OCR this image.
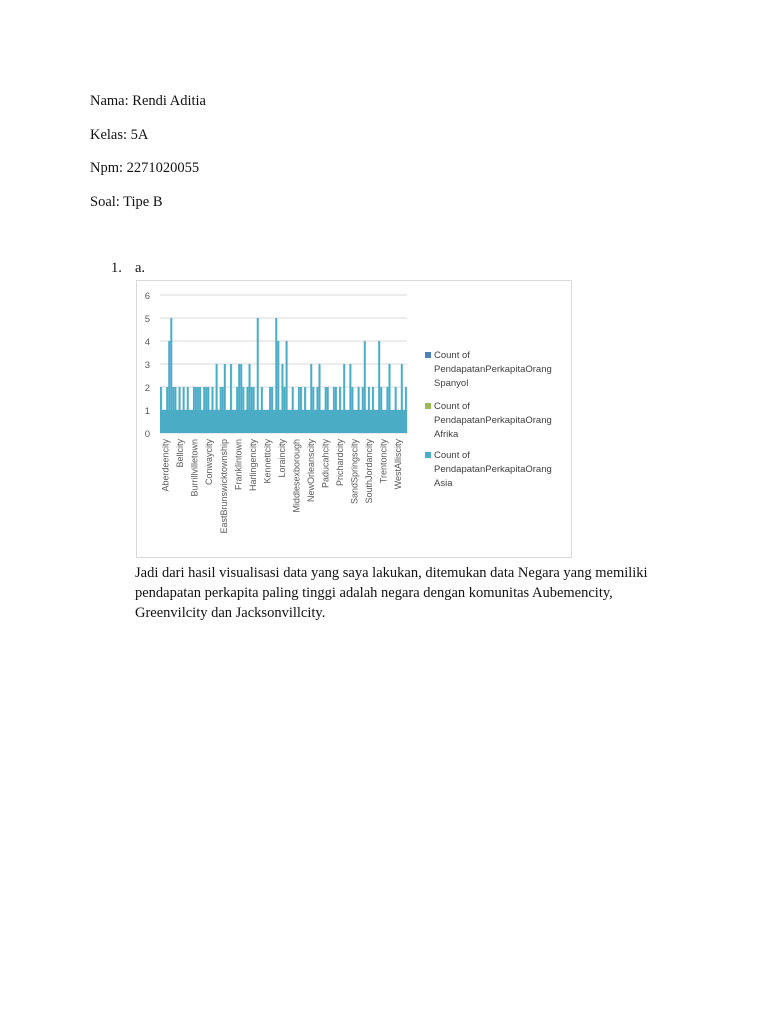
Nama: Rendi Aditia
Kelas: 5A
Npm: 2271020055
Soal: Tipe B
1. a.
0
1
2
3
4
5
6
Aberdeencity Bellcity Burrillvilletown Conwaycity EastBrunswicktownship Franklintown Harlingencity Kennettcity Loraincity Middlesexborough NewOrleanscity Paducahcity Prichardcity SandSpringscity SouthJordancity Trentoncity WestAlliscity
Count of PendapatanPerkapitaOrang Spanyol
Count of PendapatanPerkapitaOrang Afrika
Count of PendapatanPerkapitaOrang Asia

Jadi dari hasil visualisasi data yang saya lakukan, ditemukan data Negara yang memiliki

pendapatan perkapita paling tinggi adalah negara dengan komunitas Aubemencity,

Greenvilcity dan Jacksonvillcity.
